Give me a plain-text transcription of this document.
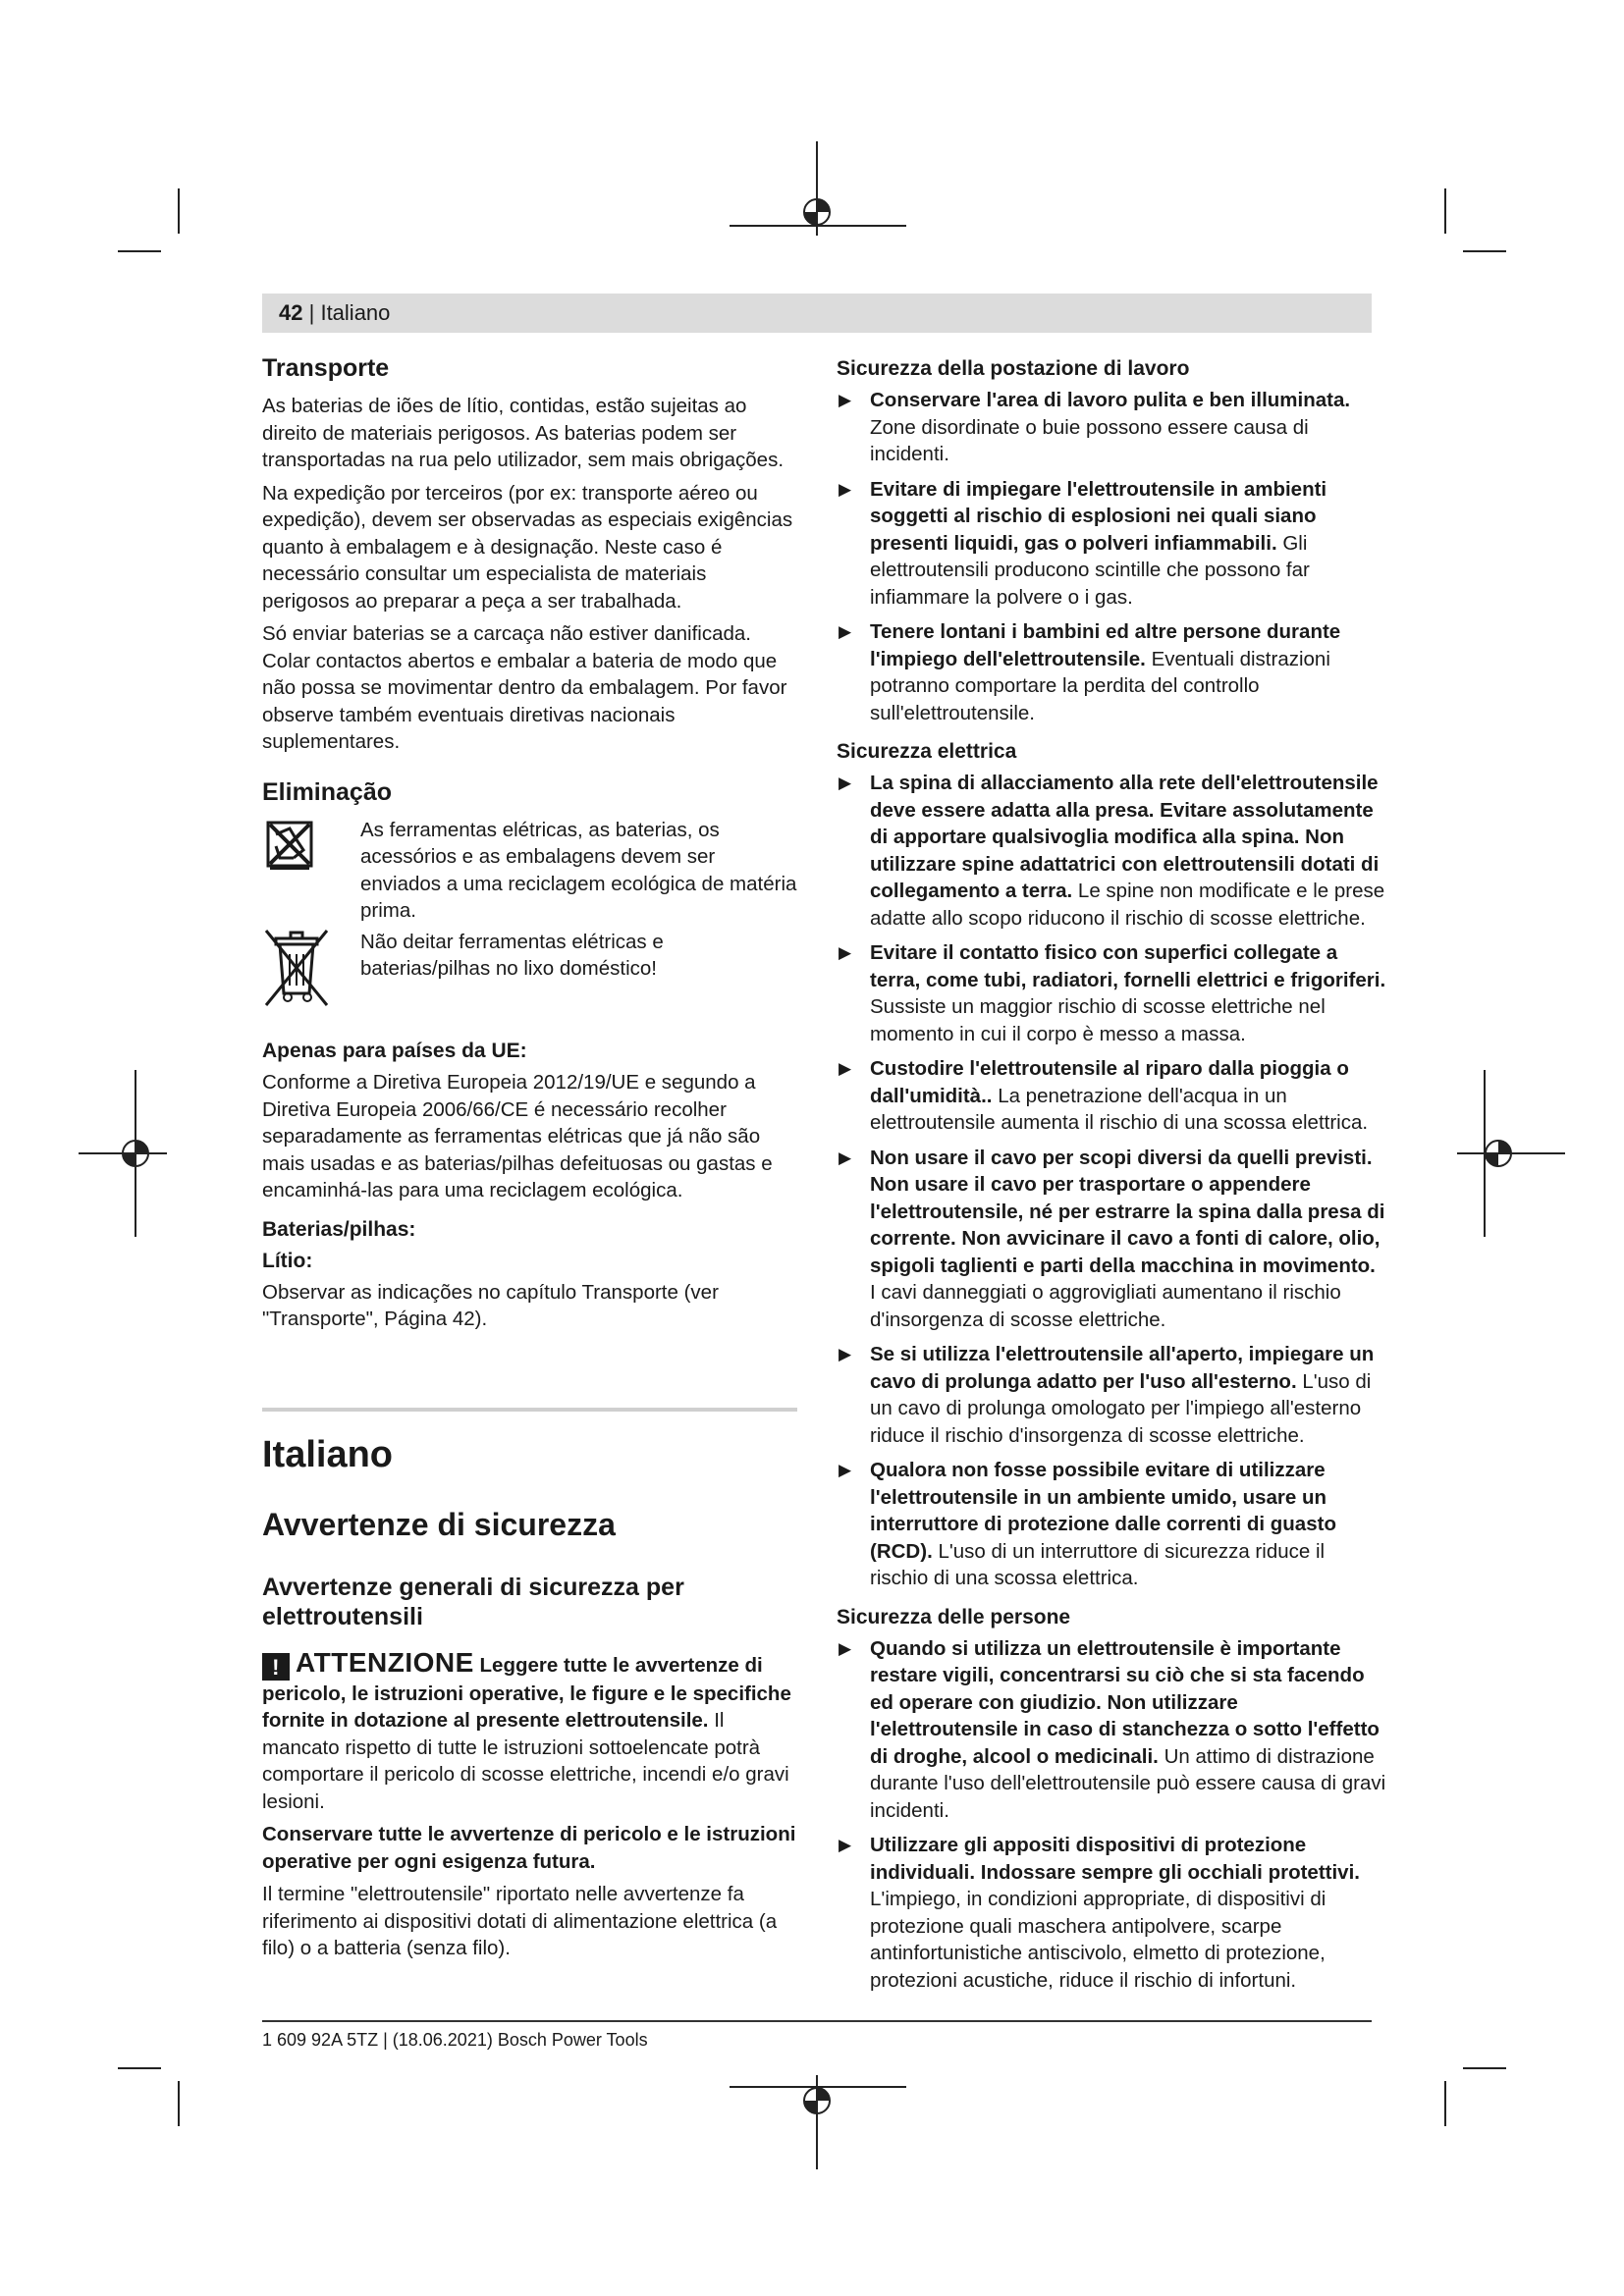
42 | Italiano
Transporte

As baterias de iões de lítio, contidas, estão sujeitas ao direito de materiais perigosos. As baterias podem ser transportadas na rua pelo utilizador, sem mais obrigações.

Na expedição por terceiros (por ex: transporte aéreo ou expedição), devem ser observadas as especiais exigências quanto à embalagem e à designação. Neste caso é necessário consultar um especialista de materiais perigosos ao preparar a peça a ser trabalhada.

Só enviar baterias se a carcaça não estiver danificada. Colar contactos abertos e embalar a bateria de modo que não possa se movimentar dentro da embalagem. Por favor observe também eventuais diretivas nacionais suplementares.

Eliminação
As ferramentas elétricas, as baterias, os acessórios e as embalagens devem ser enviados a uma reciclagem ecológica de matéria prima.
Não deitar ferramentas elétricas e baterias/pilhas no lixo doméstico!
Apenas para países da UE:

Conforme a Diretiva Europeia 2012/19/UE e segundo a Diretiva Europeia 2006/66/CE é necessário recolher separadamente as ferramentas elétricas que já não são mais usadas e as baterias/pilhas defeituosas ou gastas e encaminhá-las para uma reciclagem ecológica.

Baterias/pilhas:
Lítio:

Observar as indicações no capítulo Transporte (ver "Transporte", Página 42).

Italiano
Avvertenze di sicurezza
Avvertenze generali di sicurezza per elettroutensili

! ATTENZIONE Leggere tutte le avvertenze di pericolo, le istruzioni operative, le figure e le specifiche fornite in dotazione al presente elettroutensile. Il mancato rispetto di tutte le istruzioni sottoelencate potrà comportare il pericolo di scosse elettriche, incendi e/o gravi lesioni.

Conservare tutte le avvertenze di pericolo e le istruzioni operative per ogni esigenza futura.

Il termine "elettroutensile" riportato nelle avvertenze fa riferimento ai dispositivi dotati di alimentazione elettrica (a filo) o a batteria (senza filo).

Sicurezza della postazione di lavoro
▶ Conservare l'area di lavoro pulita e ben illuminata. Zone disordinate o buie possono essere causa di incidenti.
▶ Evitare di impiegare l'elettroutensile in ambienti soggetti al rischio di esplosioni nei quali siano presenti liquidi, gas o polveri infiammabili. Gli elettroutensili producono scintille che possono far infiammare la polvere o i gas.
▶ Tenere lontani i bambini ed altre persone durante l'impiego dell'elettroutensile. Eventuali distrazioni potranno comportare la perdita del controllo sull'elettroutensile.
Sicurezza elettrica
▶ La spina di allacciamento alla rete dell'elettroutensile deve essere adatta alla presa. Evitare assolutamente di apportare qualsivoglia modifica alla spina. Non utilizzare spine adattatrici con elettroutensili dotati di collegamento a terra. Le spine non modificate e le prese adatte allo scopo riducono il rischio di scosse elettriche.
▶ Evitare il contatto fisico con superfici collegate a terra, come tubi, radiatori, fornelli elettrici e frigoriferi. Sussiste un maggior rischio di scosse elettriche nel momento in cui il corpo è messo a massa.
▶ Custodire l'elettroutensile al riparo dalla pioggia o dall'umidità.. La penetrazione dell'acqua in un elettroutensile aumenta il rischio di una scossa elettrica.
▶ Non usare il cavo per scopi diversi da quelli previsti. Non usare il cavo per trasportare o appendere l'elettroutensile, né per estrarre la spina dalla presa di corrente. Non avvicinare il cavo a fonti di calore, olio, spigoli taglienti e parti della macchina in movimento. I cavi danneggiati o aggrovigliati aumentano il rischio d'insorgenza di scosse elettriche.
▶ Se si utilizza l'elettroutensile all'aperto, impiegare un cavo di prolunga adatto per l'uso all'esterno. L'uso di un cavo di prolunga omologato per l'impiego all'esterno riduce il rischio d'insorgenza di scosse elettriche.
▶ Qualora non fosse possibile evitare di utilizzare l'elettroutensile in un ambiente umido, usare un interruttore di protezione dalle correnti di guasto (RCD). L'uso di un interruttore di sicurezza riduce il rischio di una scossa elettrica.
Sicurezza delle persone
▶ Quando si utilizza un elettroutensile è importante restare vigili, concentrarsi su ciò che si sta facendo ed operare con giudizio. Non utilizzare l'elettroutensile in caso di stanchezza o sotto l'effetto di droghe, alcool o medicinali. Un attimo di distrazione durante l'uso dell'elettroutensile può essere causa di gravi incidenti.
▶ Utilizzare gli appositi dispositivi di protezione individuali. Indossare sempre gli occhiali protettivi. L'impiego, in condizioni appropriate, di dispositivi di protezione quali maschera antipolvere, scarpe antinfortunistiche antiscivolo, elmetto di protezione, protezioni acustiche, riduce il rischio di infortuni.
1 609 92A 5TZ | (18.06.2021) Bosch Power Tools
